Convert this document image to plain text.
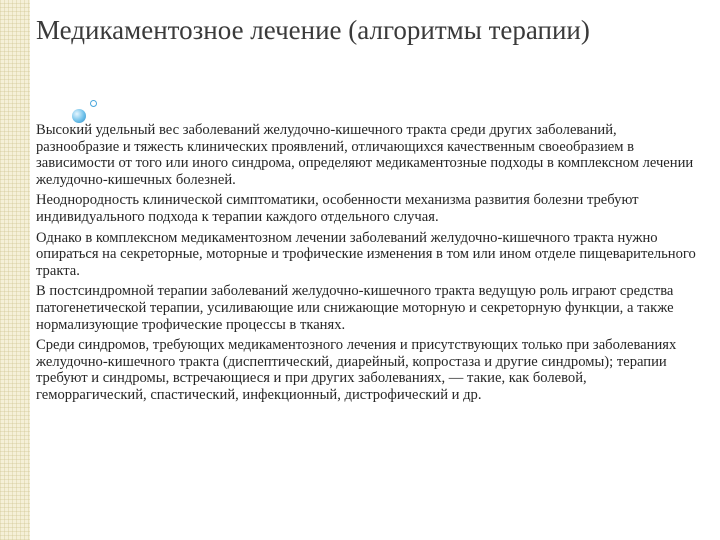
Медикаментозное лечение (алгоритмы терапии)

Высокий удельный вес заболеваний желудочно-кишечного тракта среди других заболеваний, разнообразие и тяжесть клинических проявлений, отличающихся качественным своеобразием в зависимости от того или иного синдрома, определяют медикаментозные подходы в комплексном лечении желудочно-кишечных болезней.

Неоднородность клинической симптоматики, особенности механизма развития болезни требуют индивидуального подхода к терапии каждого отдельного случая.

Однако в комплексном медикаментозном лечении заболеваний желудочно-кишечного тракта нужно опираться на секреторные, моторные и трофические изменения в том или ином отделе пищеварительного тракта.

В постсиндромной терапии заболеваний желудочно-кишечного тракта ведущую роль играют средства патогенетической терапии, усиливающие или снижающие моторную и секреторную функции, а также нормализующие трофические процессы в тканях.

Среди синдромов, требующих медикаментозного лечения и присутствующих только при заболеваниях желудочно-кишечного тракта (диспептический, диарейный, копростаза и другие синдромы); терапии требуют и синдромы, встречающиеся и при других заболеваниях, — такие, как болевой, геморрагический, спастический, инфекционный, дистрофический и др.
